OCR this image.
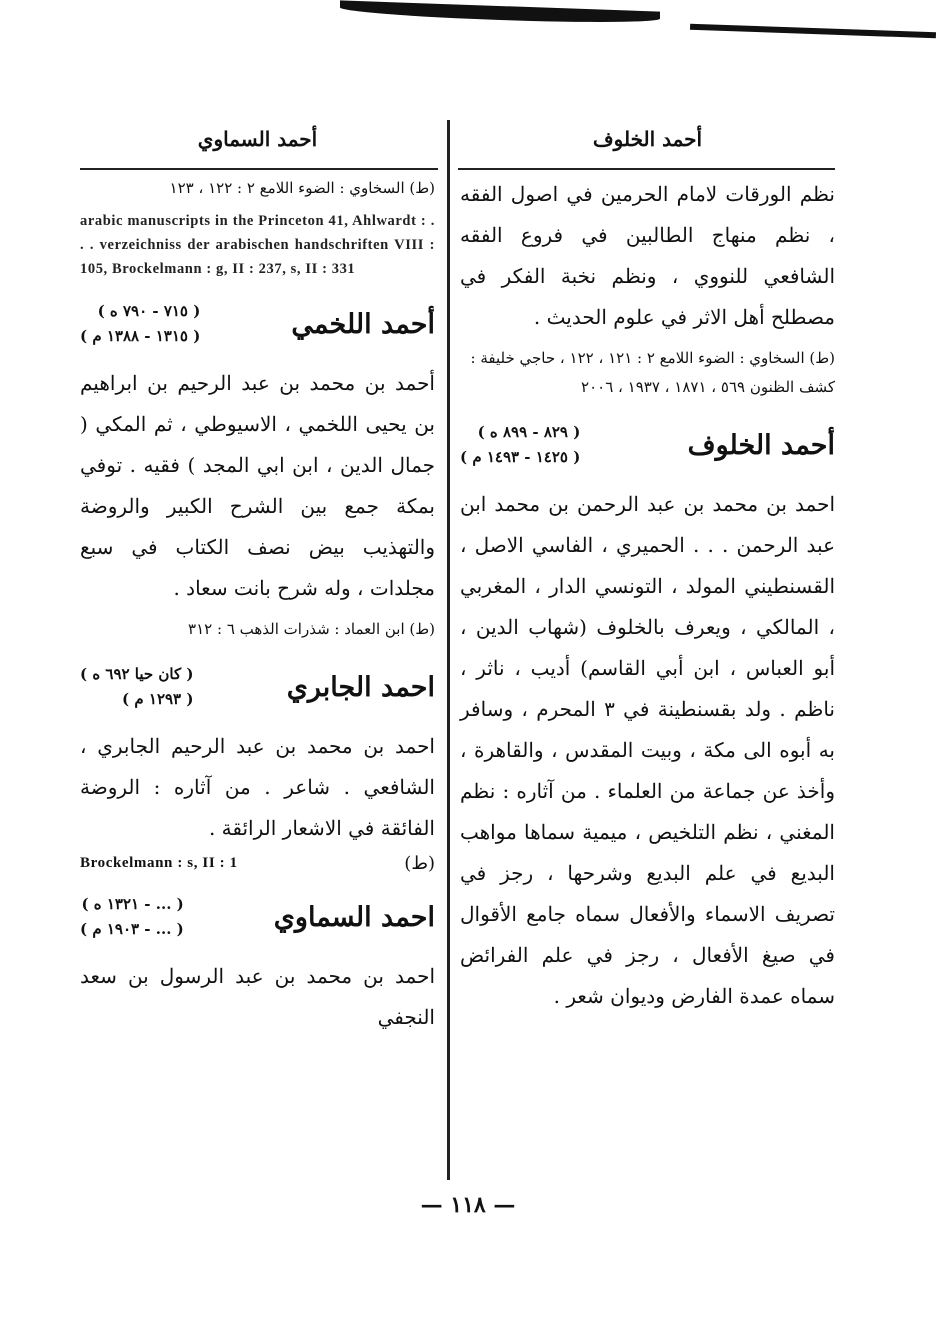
أحمد الخلوف

نظم الورقات لامام الحرمين في اصول الفقه ، نظم منهاج الطالبين في فروع الفقه الشافعي للنووي ، ونظم نخبة الفكر في مصطلح أهل الاثر في علوم الحديث .

(ط) السخاوي : الضوء اللامع ٢ : ١٢١ ، ١٢٢ ، حاجي خليفة : كشف الظنون ٥٦٩ ، ١٨٧١ ، ١٩٣٧ ، ٢٠٠٦

أحمد الخلوف
( ٨٢٩ - ٨٩٩ ه )
( ١٤٢٥ - ١٤٩٣ م )

احمد بن محمد بن عبد الرحمن بن محمد ابن عبد الرحمن . . . الحميري ، الفاسي الاصل ، القسنطيني المولد ، التونسي الدار ، المغربي ، المالكي ، ويعرف بالخلوف (شهاب الدين ، أبو العباس ، ابن أبي القاسم) أديب ، ناثر ، ناظم . ولد بقسنطينة في ٣ المحرم ، وسافر به أبوه الى مكة ، وبيت المقدس ، والقاهرة ، وأخذ عن جماعة من العلماء . من آثاره : نظم المغني ، نظم التلخيص ، ميمية سماها مواهب البديع في علم البديع وشرحها ، رجز في تصريف الاسماء والأفعال سماه جامع الأقوال في صيغ الأفعال ، رجز في علم الفرائض سماه عمدة الفارض وديوان شعر .

أحمد السماوي

(ط) السخاوي : الضوء اللامع ٢ : ١٢٢ ، ١٢٣

arabic manuscripts in the Princeton 41, Ahlwardt : . . . verzeichniss der arabischen handschriften VIII : 105, Brockelmann : g, II : 237, s, II : 331

أحمد اللخمي
( ٧١٥ - ٧٩٠ ه )
( ١٣١٥ - ١٣٨٨ م )

أحمد بن محمد بن عبد الرحيم بن ابراهيم بن يحيى اللخمي ، الاسيوطي ، ثم المكي ( جمال الدين ، ابن ابي المجد ) فقيه . توفي بمكة جمع بين الشرح الكبير والروضة والتهذيب بيض نصف الكتاب في سبع مجلدات ، وله شرح بانت سعاد .

(ط) ابن العماد : شذرات الذهب ٦ : ٣١٢

احمد الجابري
( كان حيا ٦٩٢ ه )
( ١٢٩٣ م )

احمد بن محمد بن عبد الرحيم الجابري ، الشافعي . شاعر . من آثاره : الروضة الفائقة في الاشعار الرائقة .

(ط)
Brockelmann : s, II : 1
احمد السماوي
( ... - ١٣٢١ ه )
( ... - ١٩٠٣ م )

احمد بن محمد بن عبد الرسول بن سعد النجفي

— ١١٨ —
